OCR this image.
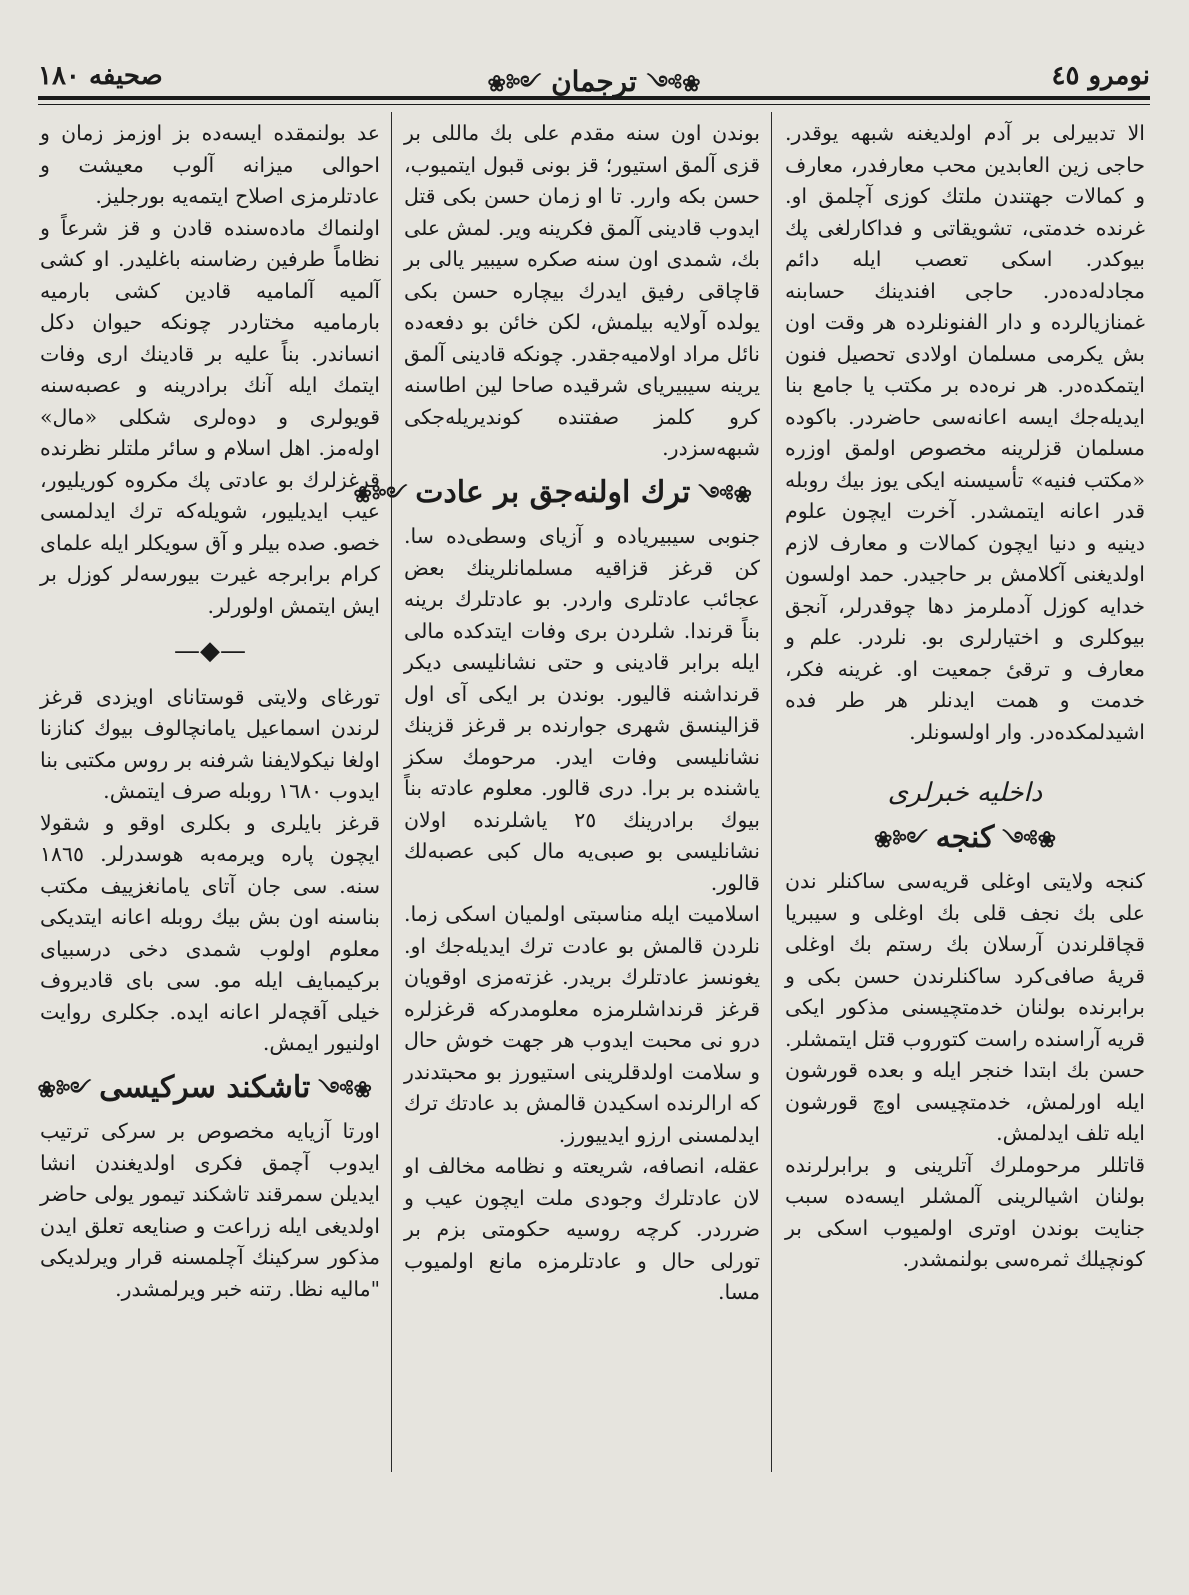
نومرو ٤٥
❀༻ترجمان༺❀
صحیفه ١٨٠

الا تدبیرلی بر آدم اولدیغنه شبهه یوقدر. حاجی زین العابدین محب معارفدر، معارف و کمالات جهتندن ملتك کوزی آچلمق او. غرنده خدمتی، تشویقاتی و فداکارلغی پك بیوکدر. اسکی تعصب ایله دائم مجادله‌ده‌در. حاجی افندینك حسابنه غمنازیالرده و دار الفنونلرده هر وقت اون بش یکرمی مسلمان اولادی تحصیل فنون ایتمکده‌در. هر نره‌ده بر مکتب یا جامع بنا ایدیله‌جك ایسه اعانه‌سی حاضردر. باکوده مسلمان قزلرینه مخصوص اولمق اوزره «مکتب فنیه» تأسیسنه ایکی یوز بیك روبله قدر اعانه ایتمشدر. آخرت ایچون علوم دینیه و دنیا ایچون کمالات و معارف لازم اولدیغنی آکلامش بر حاجیدر. حمد اولسون خدایه کوزل آدملرمز دها چوقدرلر، آنجق بیوکلری و اختیارلری بو. نلردر. علم و معارف و ترقیٔ جمعیت او. غرینه فکر، خدمت و همت ایدنلر هر طر فده اشیدلمکده‌در. وار اولسونلر.

داخلیه خبرلری
❀༻کنجه༺❀

کنجه ولایتی اوغلی قریه‌سی ساکنلر ندن علی بك نجف قلی بك اوغلی و سیبریا قچاقلرندن آرسلان بك رستم بك اوغلی قریهٔ صافی‌کرد ساکنلرندن حسن بکی و برابرنده بولنان خدمتچیسنی مذکور ایکی قریه آراسنده راست کتوروب قتل ایتمشلر. حسن بك ابتدا خنجر ایله و بعده قورشون ایله اورلمش، خدمتچیسی اوچ قورشون ایله تلف ایدلمش.

قاتللر مرحوملرك آتلرینی و برابرلرنده بولنان اشیالرینی آلمشلر ایسه‌ده سبب جنایت بوندن اوتری اولمیوب اسکی بر کونچیلك ثمره‌سی بولنمشدر.

بوندن اون سنه مقدم علی بك ماللی بر قزی آلمق استیور؛ قز بونی قبول ایتمیوب، حسن بکه وارر. تا او زمان حسن بکی قتل ایدوب قادینی آلمق فکرینه ویر. لمش علی بك، شمدی اون سنه صکره سیبیر یالی بر قاچاقی رفیق ایدرك بیچاره حسن بکی یولده آولایه بیلمش، لکن خائن بو دفعه‌ده نائل مراد اولامیه‌جقدر. چونکه قادینی آلمق یرینه سیبیریای شرقیده صاحا لین اطاسنه کرو کلمز صفتنده کوندیریله‌جکی شبهه‌سزدر.

❀༻ترك اولنه‌جق بر عادت༺❀

جنوبی سیبیریاده و آزیای وسطی‌ده سا. کن قرغز قزاقیه مسلمانلرینك بعض عجائب عادتلری واردر. بو عادتلرك برینه بناً قرندا. شلردن بری وفات ایتدکده مالی ایله برابر قادینی و حتی نشانلیسی دیکر قرنداشنه قالیور. بوندن بر ایکی آی اول قزالینسق شهری جوارنده بر قرغز قزینك نشانلیسی وفات ایدر. مرحومك سکز یاشنده بر برا. دری قالور. معلوم عادته بناً بیوك برادرینك ٢٥ یاشلرنده اولان نشانلیسی بو صبی‌یه مال کبی عصبه‌لك قالور.

اسلامیت ایله مناسبتی اولمیان اسکی زما. نلردن قالمش بو عادت ترك ایدیله‌جك او. یغونسز عادتلرك بریدر. غزته‌مزی اوقویان قرغز قرنداشلرمزه معلومدرکه قرغزلره درو نی محبت ایدوب هر جهت خوش حال و سلامت اولدقلرینی استیورز بو محبتدندر که ارالرنده اسکیدن قالمش بد عادتك ترك ایدلمسنی ارزو ایدییورز.

عقله، انصافه، شریعته و نظامه مخالف او لان عادتلرك وجودی ملت ایچون عیب و ضرردر. کرچه روسیه حکومتی بزم بر تورلی حال و عادتلرمزه مانع اولمیوب مسا.

عد بولنمقده ایسه‌ده بز اوزمز زمان و احوالی میزانه آلوب معیشت و عادتلرمزی اصلاح ایتمه‌یه بورجلیز.

اولنماك ماده‌سنده قادن و قز شرعاً و نظاماً طرفین رضاسنه باغلیدر. او کشی آلمیه آلمامیه قادین کشی بارمیه بارمامیه مختاردر چونکه حیوان دکل انساندر. بناً علیه بر قادینك اری وفات ایتمك ایله آنك برادرینه و عصبه‌سنه قویولری و دوه‌لری شکلی «مال» اوله‌مز. اهل اسلام و سائر ملتلر نظرنده قرغزلرك بو عادتی پك مکروه کوریلیور، عیب ایدیلیور، شویله‌که ترك ایدلمسی خصو. صده بیلر و آق سویکلر ایله علمای کرام برابرجه غیرت بیورسه‌لر کوزل بر ایش ایتمش اولورلر.

—◆—

تورغای ولایتی قوستانای اویزدی قرغز لرندن اسماعیل یامانچالوف بیوك کنازنا اولغا نیکولایفنا شرفنه بر روس مکتبی بنا ایدوب ١٦٨٠ روبله صرف ایتمش.

قرغز بایلری و بکلری اوقو و شقولا ایچون پاره ویرمه‌به هوسدرلر. ١٨٦٥ سنه. سی جان آتای یامانغزییف مکتب بناسنه اون بش بیك روبله اعانه ایتدیکی معلوم اولوب شمدی دخی درسبیای برکیمبایف ایله مو. سی بای قادیروف خیلی آقچه‌لر اعانه ایده. جکلری روایت اولنیور ایمش.

❀༻تاشکند سرکیسی༺❀

اورتا آزیایه مخصوص بر سرکی ترتیب ایدوب آچمق فکری اولدیغندن انشا ایدیلن سمرقند تاشکند تیمور یولی حاضر اولدیغی ایله زراعت و صنایعه تعلق ایدن مذکور سرکینك آچلمسنه قرار ویرلدیکی "مالیه نظا. رتنه خبر ویرلمشدر.
